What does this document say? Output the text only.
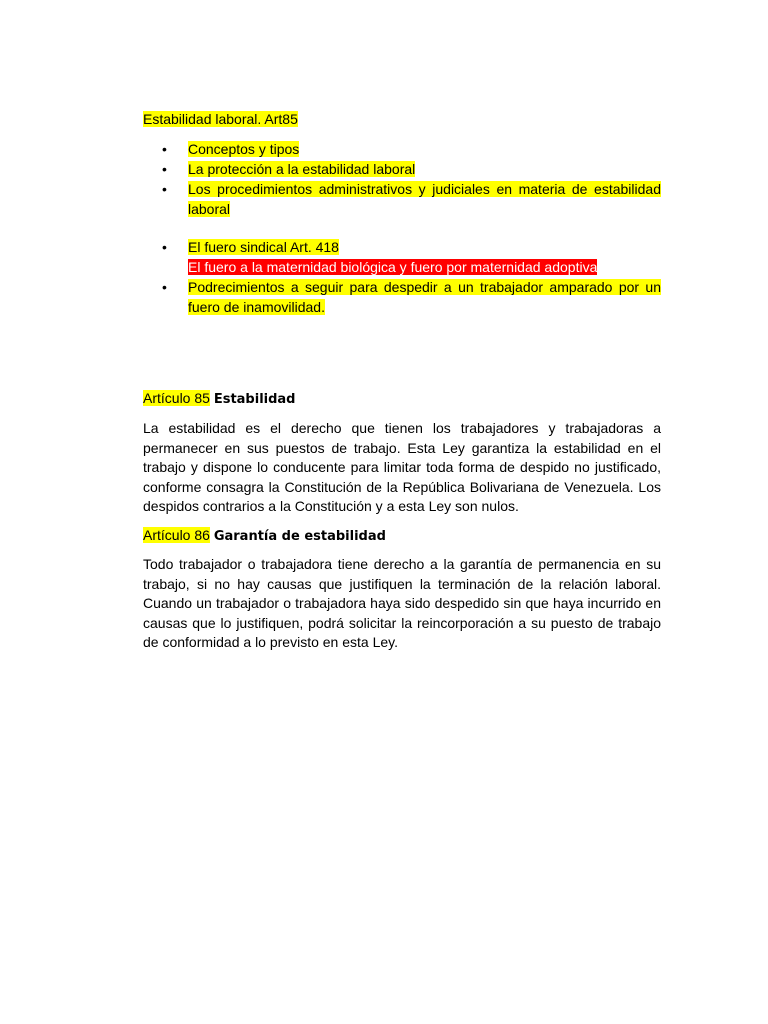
Estabilidad laboral. Art85

• Conceptos y tipos
• La protección a la estabilidad laboral
• Los procedimientos administrativos y judiciales en materia de estabilidad laboral
• El fuero sindical Art. 418
El fuero a la maternidad biológica y fuero por maternidad adoptiva
• Podrecimientos a seguir para despedir a un trabajador amparado por un fuero de inamovilidad.

Artículo 85 Estabilidad

La estabilidad es el derecho que tienen los trabajadores y trabajadoras a permanecer en sus puestos de trabajo. Esta Ley garantiza la estabilidad en el trabajo y dispone lo conducente para limitar toda forma de despido no justificado, conforme consagra la Constitución de la República Bolivariana de Venezuela. Los despidos contrarios a la Constitución y a esta Ley son nulos.

Artículo 86 Garantía de estabilidad

Todo trabajador o trabajadora tiene derecho a la garantía de permanencia en su trabajo, si no hay causas que justifiquen la terminación de la relación laboral. Cuando un trabajador o trabajadora haya sido despedido sin que haya incurrido en causas que lo justifiquen, podrá solicitar la reincorporación a su puesto de trabajo de conformidad a lo previsto en esta Ley.
